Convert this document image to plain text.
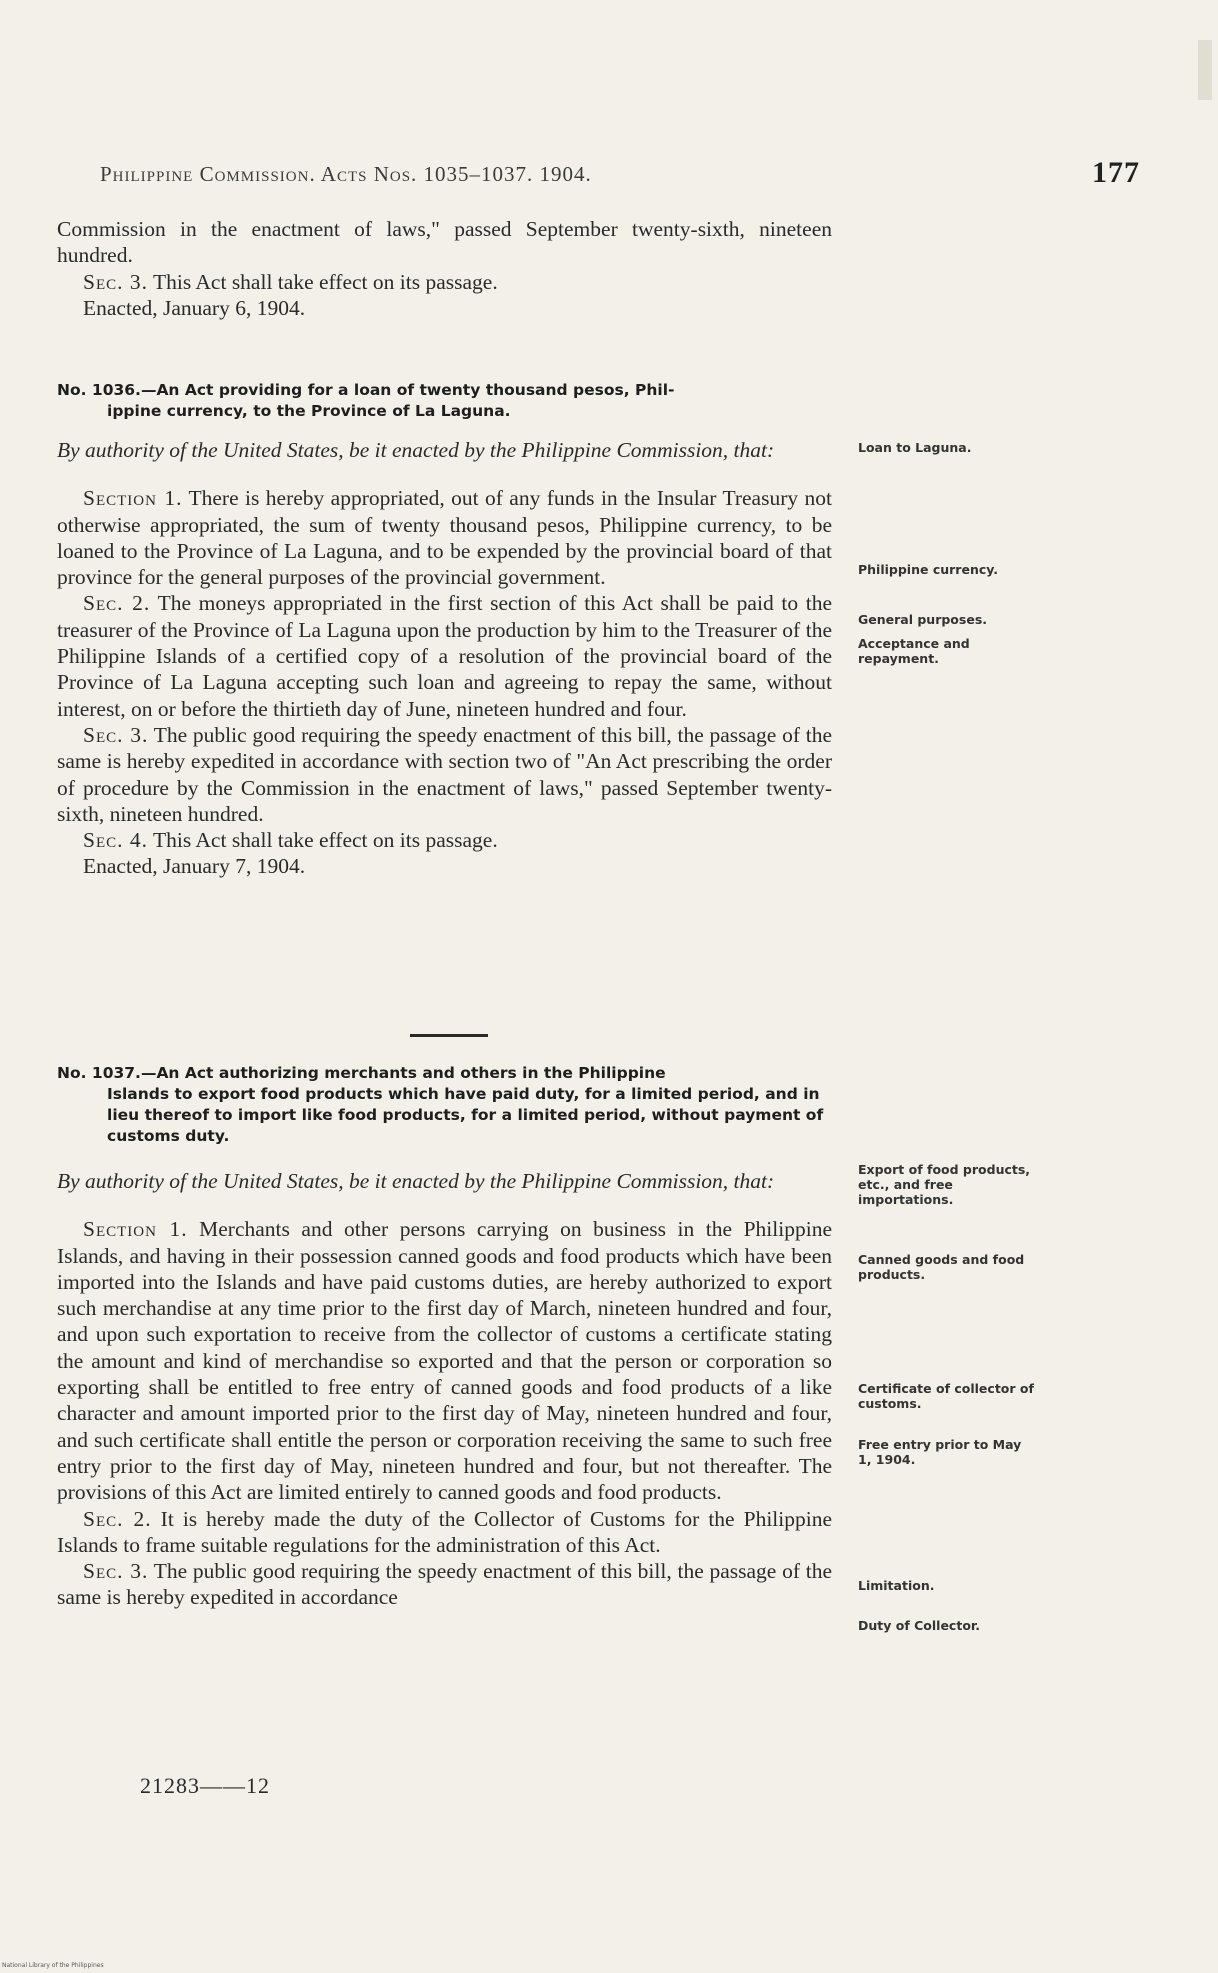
Philippine Commission. Acts Nos. 1035–1037. 1904.	177

Commission in the enactment of laws," passed September twenty-sixth, nineteen hundred.

Sec. 3. This Act shall take effect on its passage.

Enacted, January 6, 1904.

No. 1036.—An Act providing for a loan of twenty thousand pesos, Phil-
ippine currency, to the Province of La Laguna.

By authority of the United States, be it enacted by the Philippine Commission, that:

Section 1. There is hereby appropriated, out of any funds in the Insular Treasury not otherwise appropriated, the sum of twenty thousand pesos, Philippine currency, to be loaned to the Province of La Laguna, and to be expended by the provincial board of that province for the general purposes of the provincial government.

Sec. 2. The moneys appropriated in the first section of this Act shall be paid to the treasurer of the Province of La Laguna upon the production by him to the Treasurer of the Philippine Islands of a certified copy of a resolution of the provincial board of the Province of La Laguna accepting such loan and agreeing to repay the same, without interest, on or before the thirtieth day of June, nineteen hundred and four.

Sec. 3. The public good requiring the speedy enactment of this bill, the passage of the same is hereby expedited in accordance with section two of "An Act prescribing the order of procedure by the Commission in the enactment of laws," passed September twenty-sixth, nineteen hundred.

Sec. 4. This Act shall take effect on its passage.

Enacted, January 7, 1904.

Loan to Laguna.
Philippine currency.
General purposes.
Acceptance and repayment.
No. 1037.—An Act authorizing merchants and others in the Philippine
Islands to export food products which have paid duty, for a limited period, and in lieu thereof to import like food products, for a limited period, without payment of customs duty.

By authority of the United States, be it enacted by the Philippine Commission, that:

Section 1. Merchants and other persons carrying on business in the Philippine Islands, and having in their possession canned goods and food products which have been imported into the Islands and have paid customs duties, are hereby authorized to export such merchandise at any time prior to the first day of March, nineteen hundred and four, and upon such exportation to receive from the collector of customs a certificate stating the amount and kind of merchandise so exported and that the person or corporation so exporting shall be entitled to free entry of canned goods and food products of a like character and amount imported prior to the first day of May, nineteen hundred and four, and such certificate shall entitle the person or corporation receiving the same to such free entry prior to the first day of May, nineteen hundred and four, but not thereafter. The provisions of this Act are limited entirely to canned goods and food products.

Sec. 2. It is hereby made the duty of the Collector of Customs for the Philippine Islands to frame suitable regulations for the administration of this Act.

Sec. 3. The public good requiring the speedy enactment of this bill, the passage of the same is hereby expedited in accordance

Export of food products, etc., and free importations.
Canned goods and food products.
Certificate of collector of customs.
Free entry prior to May 1, 1904.
Limitation.
Duty of Collector.
21283——12
National Library of the Philippines
